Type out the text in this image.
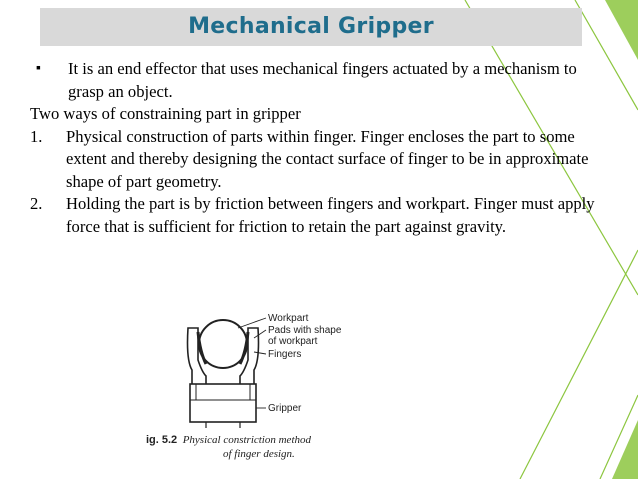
Mechanical Gripper
▪ It is an end effector that uses mechanical fingers actuated by a mechanism to grasp an object.
Two ways of constraining part in gripper
1. Physical construction of parts within finger. Finger encloses the part to some extent and thereby designing the contact surface of finger to be in approximate shape of part geometry.
2. Holding the part is by friction between fingers and workpart. Finger must apply force that is sufficient for friction to retain the part against gravity.
Workpart
Pads with shape
of workpart
Fingers
Gripper
ig. 5.2 Physical constriction method
of finger design.
